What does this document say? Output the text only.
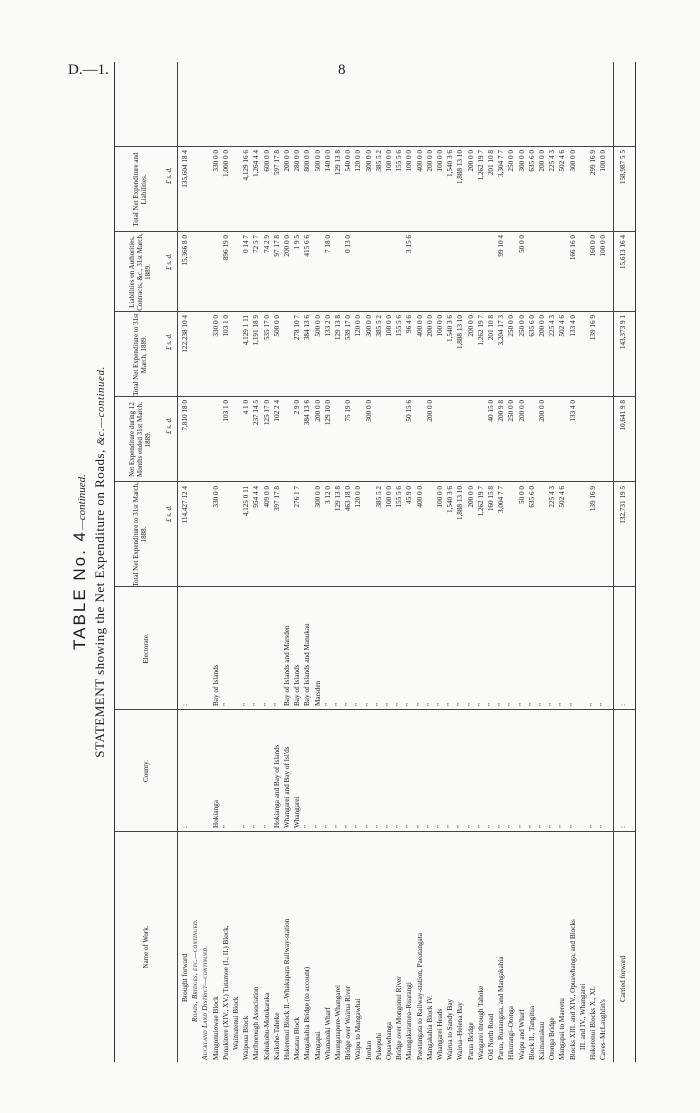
D.—1.	8
TABLE No. 4—continued. STATEMENT showing the Net Expenditure on Roads, &c.—continued.
Name of Work.
County.
Electorate.
Total Net Expenditure to 31st March, 1888.
Net Expenditure during 12 Months ended 31st March, 1889.
Total Net Expenditure to 31st March, 1889.
Liabilities on Authorities, Contracts, &c., 31st March, 1889.
Total Net Expenditure and Liabilities.
£ s. d.
£ s. d.
£ s. d.
£ s. d.
£ s. d.
Brought forward
:
:
114,427 12 4
7,810 18 0
122,238 10 4
15,366 8 0
135,604 18 4
Roads, Bridges, etc.—continued. Auckland Land District—continued. Mangonuiowae Block
Hokianga
Bay of Islands
330 0 0
330 0 0
330 0 0
Punakitere (XIV., XV.) Tutamoe (I., II.) Block,
"
"
103 1 0
103 1 0
896 19 0
1,000 0 0
Waimatenui Block Waipoua Block
"
"
4,125 0 11
4 1 0
4,129 1 11
0 14 7
4,129 16 6
Marlborough Association
"
"
954 4 4
237 14 5
1,191 18 9
72 5 7
1,264 4 4
Kohukohu-Motukaraka
"
"
409 0 0
125 17 0
535 17 0
74 2 9
600 0 0
Kaikohe-Taheke
Hokianga and Bay of Islands
"
397 17 8
102 2 4
500 0 0
97 17 8
597 17 8
Hukerenui Block II.–Whakapara Railway-station
Whangarei and Bay of Isl'ds
Bay of Islands and Marsden
200 0 0
200 0 0
Motatau Block
Whangarei
Bay of Islands
276 1 7
2 9 0
278 10 7
1 9 5
280 0 0
Mangakahia Bridge (to account)
"
Bay of Islands and Manukau
384 13 6
384 13 6
415 6 6
800 0 0
Mangapai
"
Marsden
300 0 0
200 0 0
500 0 0
500 0 0
Whananaki Wharf
"
"
3 12 0
129 10 0
133 2 0
7 18 0
140 0 0
Maungatapere-Whangarei
"
"
129 13 8
129 13 8
129 13 8
Bridge over Wairua River
"
"
463 18 0
75 19 0
539 17 0
0 13 0
540 0 0
Waipu to Mangawhai
"
"
120 0 0
120 0 0
120 0 0
Jordan
"
"
300 0 0
300 0 0
300 0 0
Pukepuhi
"
"
385 5 2
385 5 2
385 5 2
Opuawhanga
"
"
100 0 0
100 0 0
100 0 0
Bridge over Mongonui River
"
"
155 5 6
155 5 6
155 5 6
Maungakaramea–Ruarangi
"
"
45 9 0
50 15 6
96 4 6
3 15 6
100 0 0
Paeatangata to Railway-station, Paeatangata
"
"
400 0 0
400 0 0
400 0 0
Mangakahia Block IV.
"
"
200 0 0
200 0 0
200 0 0
Whangarei Heads
"
"
100 0 0
100 0 0
100 0 0
Wairua to Sandy Bay
"
"
1,540 3 6
1,540 3 6
1,540 3 6
Wairua–Helena Bay
"
"
1,888 13 10
1,888 13 10
1,888 13 10
Parua Bridge
"
"
200 0 0
200 0 0
200 0 0
Wangarei through Tahoke
"
"
1,262 19 7
1,262 19 7
1,262 19 7
Old North Road
"
"
160 15 8
40 15 0
201 10 8
201 10 8
Parua, Ruatangata, and Mangakahia
"
"
3,004 7 7
200 9 8
3,204 17 3
99 10 4
3,304 7 7
Hikurangi–Otonga
"
"
250 0 0
250 0 0
250 0 0
Waipu and Wharf
"
"
50 0 0
200 0 0
250 0 0
50 0 0
300 0 0
Block II., Tangitua
"
"
635 6 0
635 6 0
635 6 0
Kaimamakau
"
"
200 0 0
200 0 0
200 0 0
Otonga Bridge
"
"
225 4 3
225 4 3
225 4 3
Mangapai to Maeretu
"
"
502 4 6
502 4 6
502 4 6
Blocks XIII. and XIV., Opuawhanga, and Blocks
"
"
133 4 0
133 4 0
166 16 0
300 0 0
III. and IV., Whangarei Hukerenui Blocks X., XI.
"
"
139 16 9
139 16 9
160 0 0
299 16 9
Caves–McLaughlin's
"
"
100 0 0
100 0 0
Carried forward
:
:
132,731 19 5
10,641 9 8
143,373 9 1
15,613 16 4
158,987 5 5
